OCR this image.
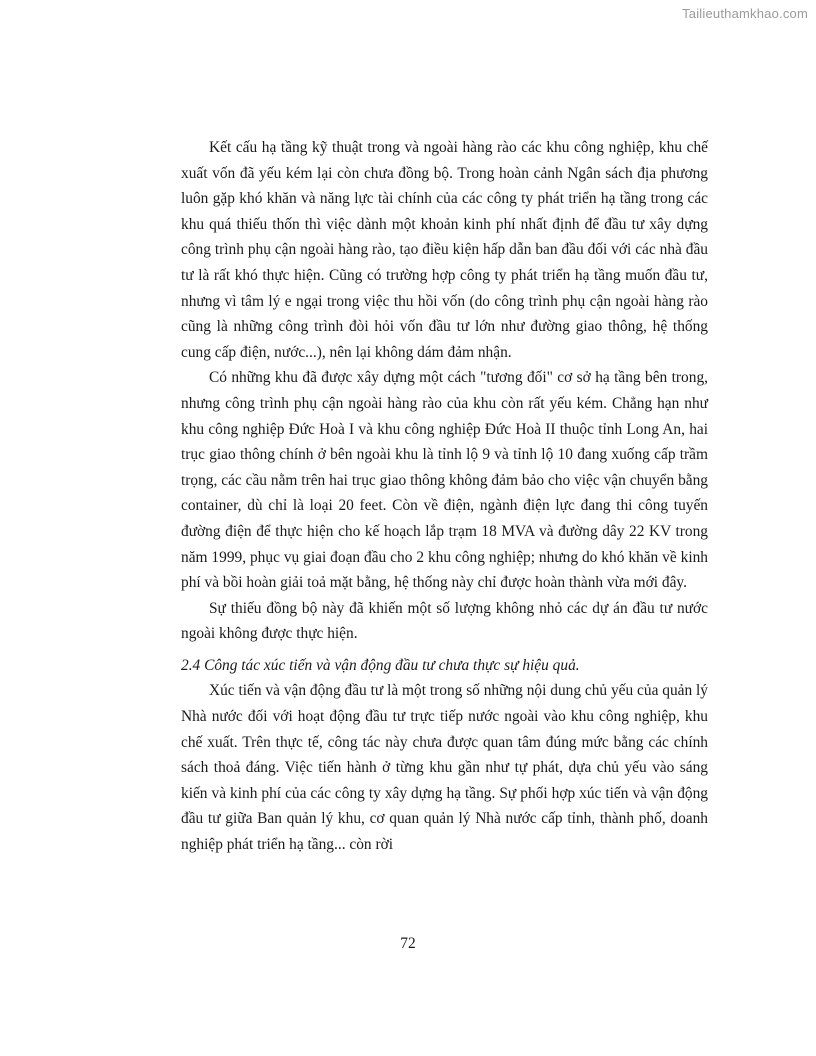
Tailieuthamkhao.com

Kết cấu hạ tầng kỹ thuật trong và ngoài hàng rào các khu công nghiệp, khu chế xuất vốn đã yếu kém lại còn chưa đồng bộ. Trong hoàn cảnh Ngân sách địa phương luôn gặp khó khăn và năng lực tài chính của các công ty phát triển hạ tầng trong các khu quá thiếu thốn thì việc dành một khoản kinh phí nhất định để đầu tư xây dựng công trình phụ cận ngoài hàng rào, tạo điều kiện hấp dẫn ban đầu đối với các nhà đầu tư là rất khó thực hiện. Cũng có trường hợp công ty phát triển hạ tầng muốn đầu tư, nhưng vì tâm lý e ngại trong việc thu hồi vốn (do công trình phụ cận ngoài hàng rào cũng là những công trình đòi hỏi vốn đầu tư lớn như đường giao thông, hệ thống cung cấp điện, nước...), nên lại không dám đảm nhận.

Có những khu đã được xây dựng một cách "tương đối" cơ sở hạ tầng bên trong, nhưng công trình phụ cận ngoài hàng rào của khu còn rất yếu kém. Chẳng hạn như khu công nghiệp Đức Hoà I và khu công nghiệp Đức Hoà II thuộc tỉnh Long An, hai trục giao thông chính ở bên ngoài khu là tỉnh lộ 9 và tỉnh lộ 10 đang xuống cấp trầm trọng, các cầu nằm trên hai trục giao thông không đảm bảo cho việc vận chuyển bằng container, dù chỉ là loại 20 feet. Còn về điện, ngành điện lực đang thi công tuyến đường điện để thực hiện cho kế hoạch lắp trạm 18 MVA và đường dây 22 KV trong năm 1999, phục vụ giai đoạn đầu cho 2 khu công nghiệp; nhưng do khó khăn về kinh phí và bồi hoàn giải toả mặt bằng, hệ thống này chỉ được hoàn thành vừa mới đây.

Sự thiếu đồng bộ này đã khiến một số lượng không nhỏ các dự án đầu tư nước ngoài không được thực hiện.

2.4 Công tác xúc tiến và vận động đầu tư chưa thực sự hiệu quả.

Xúc tiến và vận động đầu tư là một trong số những nội dung chủ yếu của quản lý Nhà nước đối với hoạt động đầu tư trực tiếp nước ngoài vào khu công nghiệp, khu chế xuất. Trên thực tế, công tác này chưa được quan tâm đúng mức bằng các chính sách thoả đáng. Việc tiến hành ở từng khu gần như tự phát, dựa chủ yếu vào sáng kiến và kinh phí của các công ty xây dựng hạ tầng. Sự phối hợp xúc tiến và vận động đầu tư giữa Ban quản lý khu, cơ quan quản lý Nhà nước cấp tỉnh, thành phố, doanh nghiệp phát triển hạ tầng... còn rời

72
